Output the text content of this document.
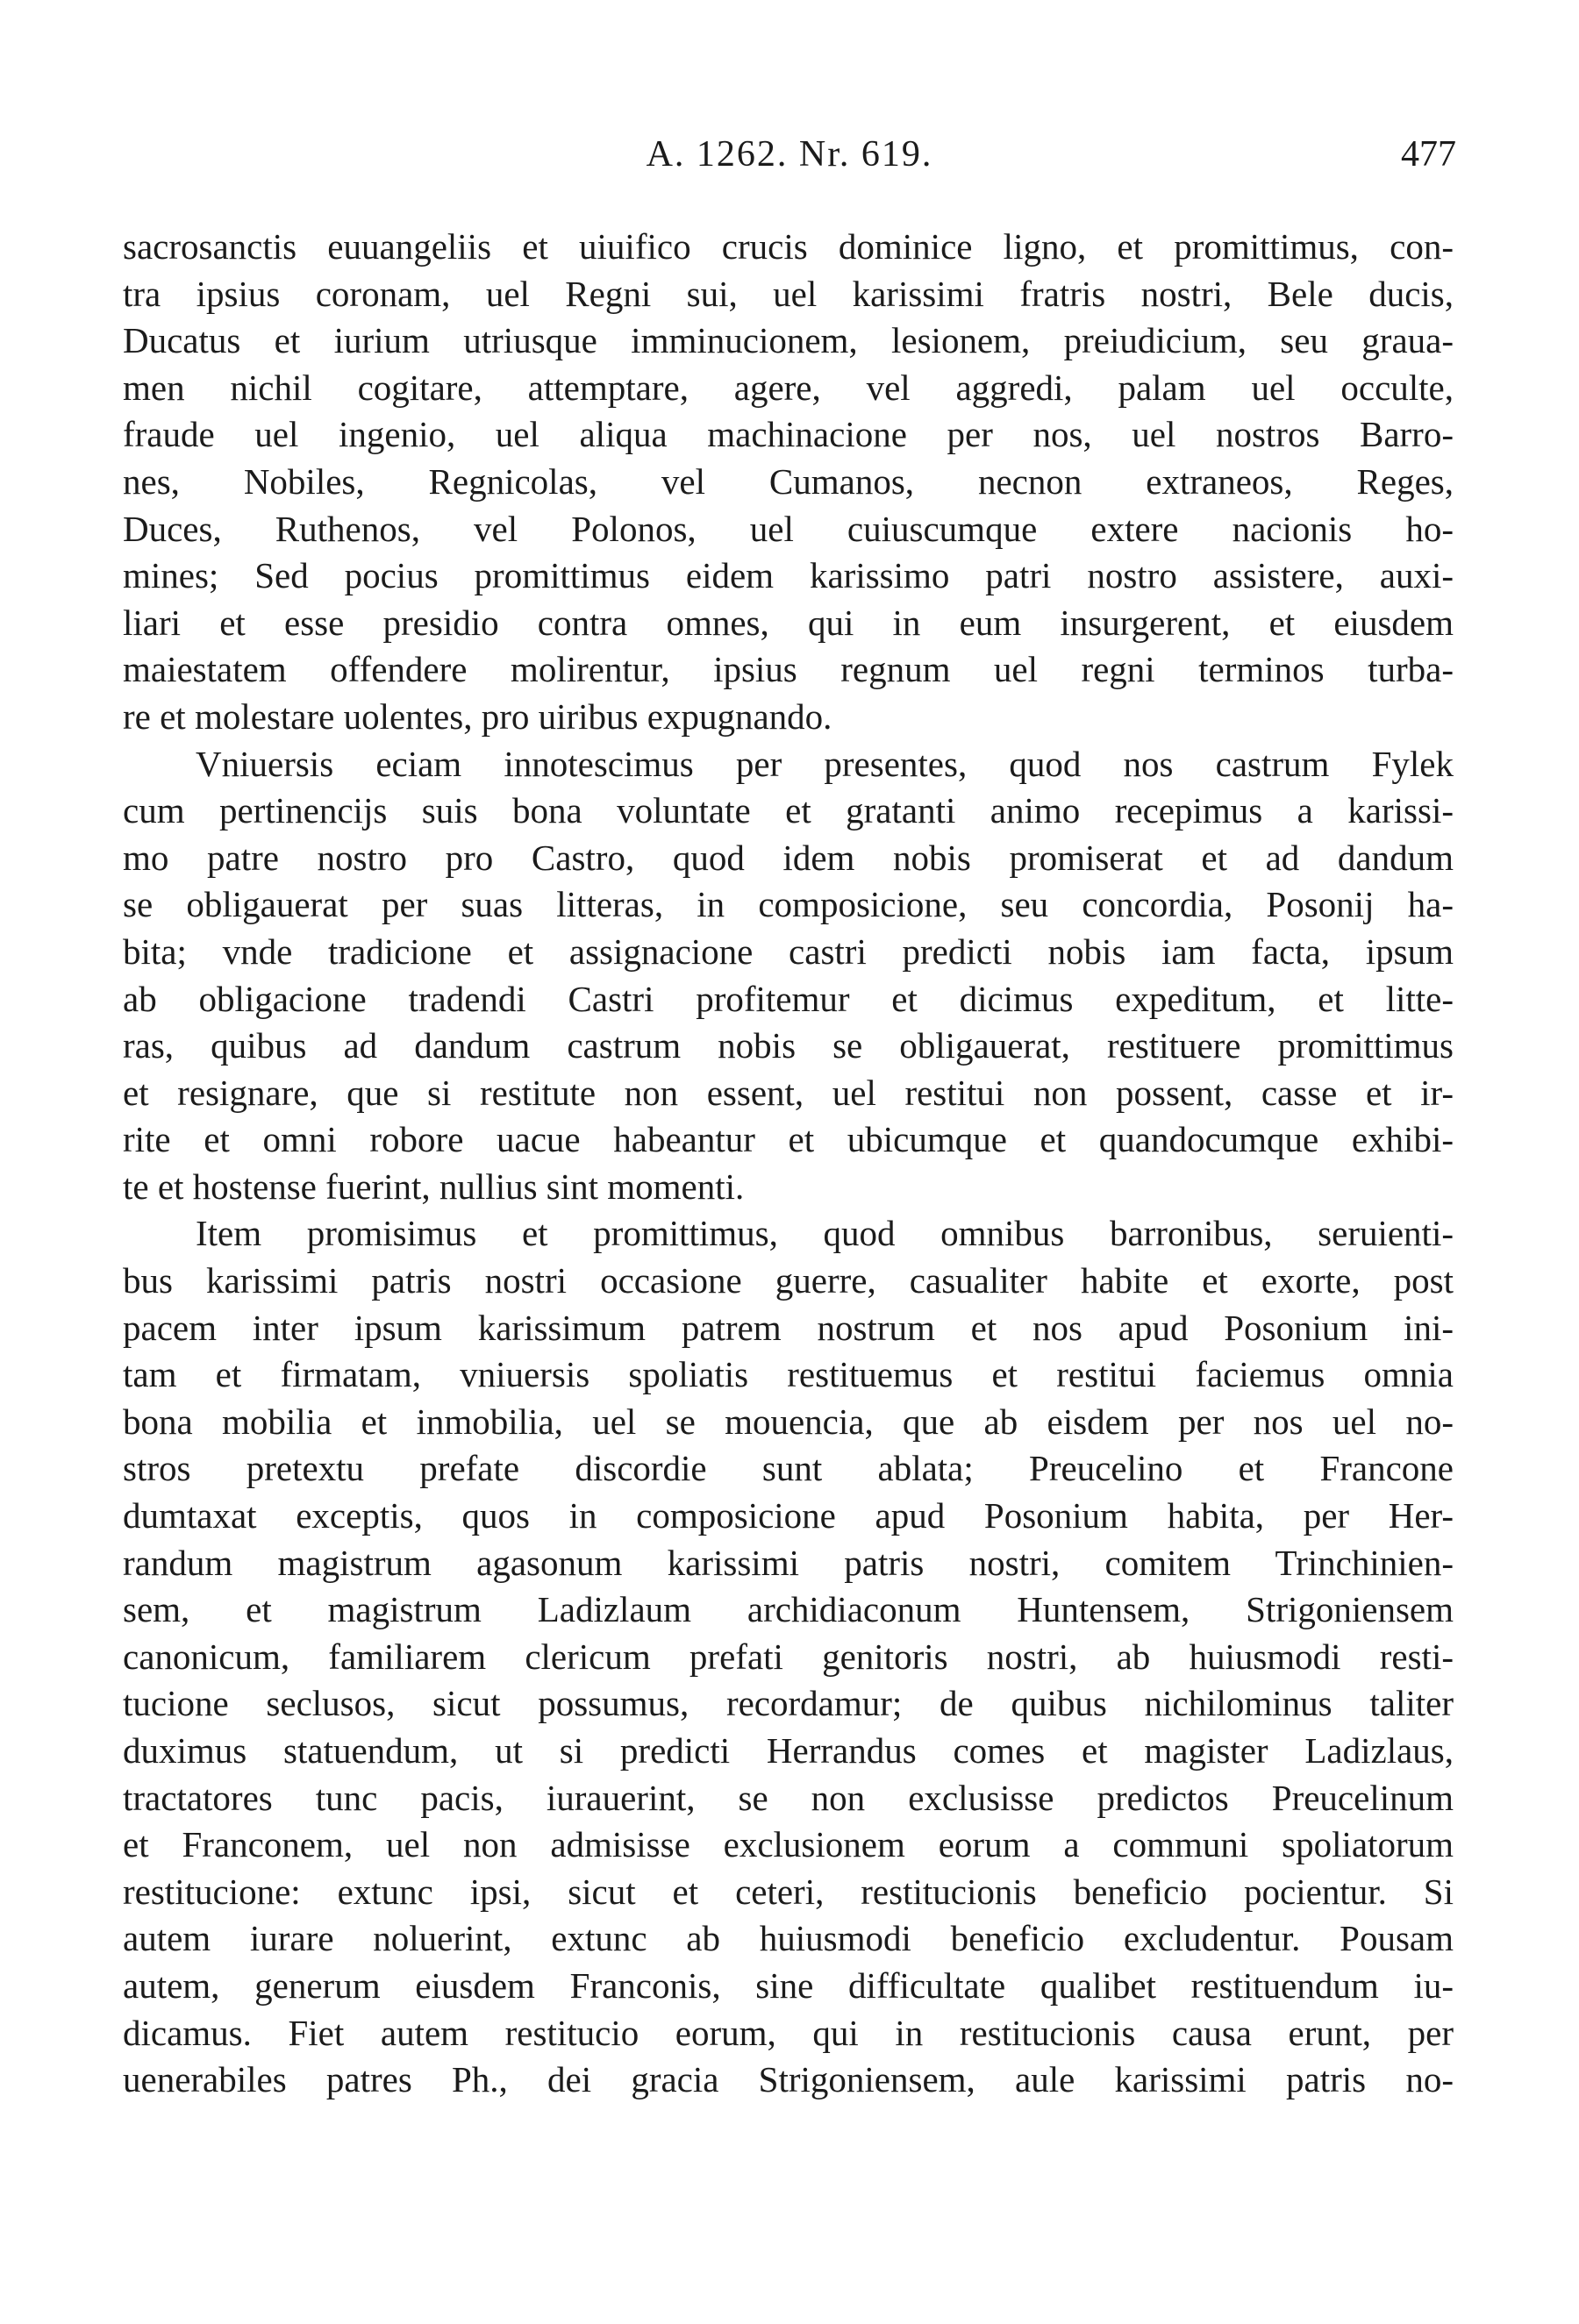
A. 1262. Nr. 619.	477
sacrosanctis euuangeliis et uiuifico crucis dominice ligno, et promittimus, con-
tra ipsius coronam, uel Regni sui, uel karissimi fratris nostri, Bele ducis,
Ducatus et iurium utriusque imminucionem, lesionem, preiudicium, seu graua-
men nichil cogitare, attemptare, agere, vel aggredi, palam uel occulte,
fraude uel ingenio, uel aliqua machinacione per nos, uel nostros Barro-
nes, Nobiles, Regnicolas, vel Cumanos, necnon extraneos, Reges,
Duces, Ruthenos, vel Polonos, uel cuiuscumque extere nacionis ho-
mines; Sed pocius promittimus eidem karissimo patri nostro assistere, auxi-
liari et esse presidio contra omnes, qui in eum insurgerent, et eiusdem
maiestatem offendere molirentur, ipsius regnum uel regni terminos turba-
re et molestare uolentes, pro uiribus expugnando.
Vniuersis eciam innotescimus per presentes, quod nos castrum Fylek
cum pertinencijs suis bona voluntate et gratanti animo recepimus a karissi-
mo patre nostro pro Castro, quod idem nobis promiserat et ad dandum
se obligauerat per suas litteras, in composicione, seu concordia, Posonij ha-
bita; vnde tradicione et assignacione castri predicti nobis iam facta, ipsum
ab obligacione tradendi Castri profitemur et dicimus expeditum, et litte-
ras, quibus ad dandum castrum nobis se obligauerat, restituere promittimus
et resignare, que si restitute non essent, uel restitui non possent, casse et ir-
rite et omni robore uacue habeantur et ubicumque et quandocumque exhibi-
te et hostense fuerint, nullius sint momenti.
Item promisimus et promittimus, quod omnibus barronibus, seruienti-
bus karissimi patris nostri occasione guerre, casualiter habite et exorte, post
pacem inter ipsum karissimum patrem nostrum et nos apud Posonium ini-
tam et firmatam, vniuersis spoliatis restituemus et restitui faciemus omnia
bona mobilia et inmobilia, uel se mouencia, que ab eisdem per nos uel no-
stros pretextu prefate discordie sunt ablata; Preucelino et Francone
dumtaxat exceptis, quos in composicione apud Posonium habita, per Her-
randum magistrum agasonum karissimi patris nostri, comitem Trinchinien-
sem, et magistrum Ladizlaum archidiaconum Huntensem, Strigoniensem
canonicum, familiarem clericum prefati genitoris nostri, ab huiusmodi resti-
tucione seclusos, sicut possumus, recordamur; de quibus nichilominus taliter
duximus statuendum, ut si predicti Herrandus comes et magister Ladizlaus,
tractatores tunc pacis, iurauerint, se non exclusisse predictos Preucelinum
et Franconem, uel non admisisse exclusionem eorum a communi spoliatorum
restitucione: extunc ipsi, sicut et ceteri, restitucionis beneficio pocientur. Si
autem iurare noluerint, extunc ab huiusmodi beneficio excludentur. Pousam
autem, generum eiusdem Franconis, sine difficultate qualibet restituendum iu-
dicamus. Fiet autem restitucio eorum, qui in restitucionis causa erunt, per
uenerabiles patres Ph., dei gracia Strigoniensem, aule karissimi patris no-
